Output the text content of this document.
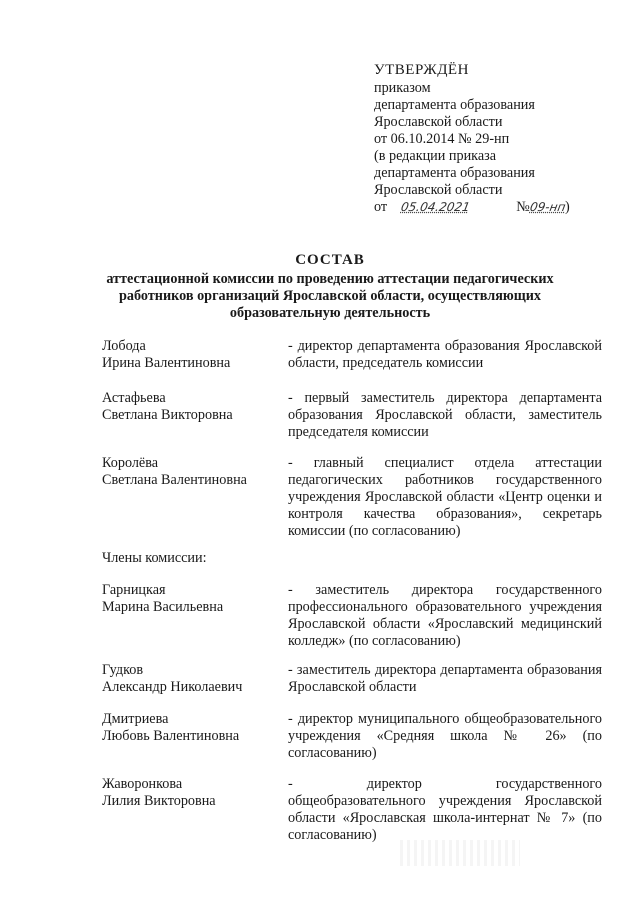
УТВЕРЖДЁН
приказом
департамента образования
Ярославской области
от 06.10.2014 № 29-нп
(в редакции приказа
департамента образования
Ярославской области
от 05.04.2021	№09-нп)
СОСТАВ
аттестационной комиссии по проведению аттестации педагогических
работников организаций Ярославской области, осуществляющих
образовательную деятельность
Лобода
Ирина Валентиновна
- директор департамента образования Ярославской области, председатель комиссии
Астафьева
Светлана Викторовна
- первый заместитель директора департамента образования Ярославской области, заместитель председателя комиссии
Королёва
Светлана Валентиновна
- главный специалист отдела аттестации педагогических работников государственного учреждения Ярославской области «Центр оценки и контроля качества образования», секретарь комиссии (по согласованию)
Члены комиссии:
Гарницкая
Марина Васильевна
- заместитель директора государственного профессионального образовательного учреждения Ярославской области «Ярославский медицинский колледж» (по согласованию)
Гудков
Александр Николаевич
- заместитель директора департамента образования Ярославской области
Дмитриева
Любовь Валентиновна
- директор муниципального общеобразовательного учреждения «Средняя школа № 26» (по согласованию)
Жаворонкова
Лилия Викторовна
- директор государственного общеобразовательного учреждения Ярославской области «Ярославская школа-интернат № 7» (по согласованию)
